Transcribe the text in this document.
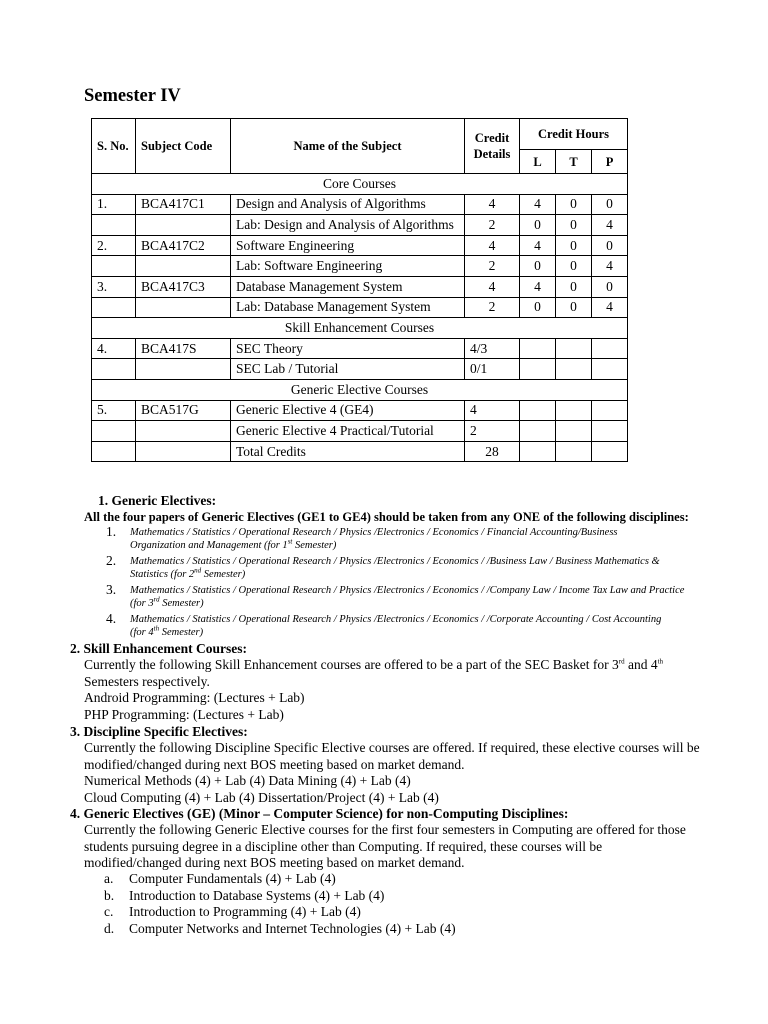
Semester IV
S. No.	Subject Code	Name of the Subject	Credit Details	Credit Hours		
				L	T	P
Core Courses						
1.	BCA417C1	Design and Analysis of Algorithms	4	4	0	0
		Lab: Design and Analysis of Algorithms	2	0	0	4
2.	BCA417C2	Software Engineering	4	4	0	0
		Lab: Software Engineering	2	0	0	4
3.	BCA417C3	Database Management System	4	4	0	0
		Lab: Database Management System	2	0	0	4
Skill Enhancement Courses						
4.	BCA417S	SEC Theory	4/3			
		SEC Lab / Tutorial	0/1			
Generic Elective Courses						
5.	BCA517G	Generic Elective 4 (GE4)	4			
		Generic Elective 4 Practical/Tutorial	2			
		Total Credits	28			
1. Generic Electives:
All the four papers of Generic Electives (GE1 to GE4) should be taken from any ONE of the following disciplines:
1. Mathematics / Statistics / Operational Research / Physics /Electronics / Economics / Financial Accounting/Business
Organization and Management (for 1st Semester)
2. Mathematics / Statistics / Operational Research / Physics /Electronics / Economics / /Business Law / Business Mathematics &
Statistics (for 2nd Semester)
3. Mathematics / Statistics / Operational Research / Physics /Electronics / Economics / /Company Law / Income Tax Law and Practice
(for 3rd Semester)
4. Mathematics / Statistics / Operational Research / Physics /Electronics / Economics / /Corporate Accounting / Cost Accounting
(for 4th Semester)
2. Skill Enhancement Courses:
Currently the following Skill Enhancement courses are offered to be a part of the SEC Basket for 3rd and 4th
Semesters respectively.
Android Programming: (Lectures + Lab)
PHP Programming: (Lectures + Lab)
3. Discipline Specific Electives:
Currently the following Discipline Specific Elective courses are offered. If required, these elective courses will be
modified/changed during next BOS meeting based on market demand.
Numerical Methods (4) + Lab (4) Data Mining (4) + Lab (4)
Cloud Computing (4) + Lab (4) Dissertation/Project (4) + Lab (4)
4. Generic Electives (GE) (Minor – Computer Science) for non-Computing Disciplines:
Currently the following Generic Elective courses for the first four semesters in Computing are offered for those
students pursuing degree in a discipline other than Computing. If required, these courses will be
modified/changed during next BOS meeting based on market demand.
a. Computer Fundamentals (4) + Lab (4)
b. Introduction to Database Systems (4) + Lab (4)
c. Introduction to Programming (4) + Lab (4)
d. Computer Networks and Internet Technologies (4) + Lab (4)
